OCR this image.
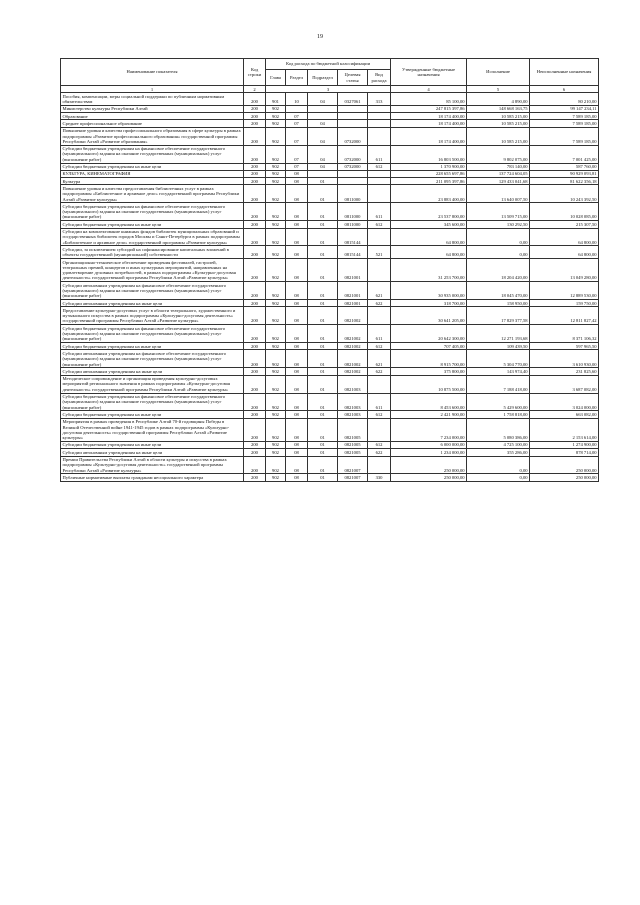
19
Наименование показателя	Код строки	Код расхода по бюджетной классификации					Утвержденные бюджетные назначения	Исполнение	Неисполненные назначения
		Глава	Раздел	Подраздел	Целевая статья	Вид расхода			
1	2	3					4	5	6
Пособия, компенсации, меры социальной поддержки по публичным нормативным обязательствам	200	901	10	04	0327061	313	85 100,00	4 890,00	80 210,00
Министерство культуры Республики Алтай	200	902					247 815 397,86	148 668 163,75	99 147 234,11
Образование	200	902	07				18 174 400,00	10 585 215,00	7 589 185,00
Среднее профессиональное образование	200	902	07	04			18 174 400,00	10 585 215,00	7 589 185,00
Повышение уровня и качества профессионального образования в сфере культуры в рамках подпрограммы «Развитие профессионального образования» государственной программы Республики Алтай «Развитие образования»	200	902	07	04	0732000		18 174 400,00	10 585 215,00	7 589 185,00
Субсидии бюджетным учреждениям на финансовое обеспечение государственного (муниципального) задания на оказание государственных (муниципальных) услуг (выполнение работ)	200	902	07	04	0732000	611	16 803 500,00	9 802 075,00	7 001 425,00
Субсидии бюджетным учреждениям на иные цели	200	902	07	04	0732000	612	1 370 900,00	783 140,00	587 760,00
КУЛЬТУРА, КИНЕМАТОГРАФИЯ	200	902	08				228 655 697,86	137 724 604,05	90 929 093,81
Культура	200	902	08	01			211 095 397,86	129 433 041,68	81 622 356,18
Повышение уровня и качества предоставления библиотечных услуг в рамках подпрограммы «Библиотечное и архивное дело» государственной программы Республики Алтай «Развитие культуры»	200	902	08	01	0811000		23 883 400,00	13 640 007,50	10 243 392,50
Субсидии бюджетным учреждениям на финансовое обеспечение государственного (муниципального) задания на оказание государственных (муниципальных) услуг (выполнение работ)	200	902	08	01	0811000	611	23 537 800,00	13 509 715,00	10 028 085,00
Субсидии бюджетным учреждениям на иные цели	200	902	08	01	0811000	612	345 600,00	130 292,50	215 307,50
Субсидии на комплектование книжных фондов библиотек муниципальных образований и государственных библиотек городов Москвы и Санкт-Петербурга в рамках подпрограммы «Библиотечное и архивное дело» государственной программы «Развитие культуры»	200	902	08	01	0815144		64 800,00	0,00	64 800,00
Субсидии, за исключением субсидий на софинансирование капитальных вложений в объекты государственной (муниципальной) собственности	200	902	08	01	0815144	521	64 800,00	0,00	64 800,00
Организационно-техническое обеспечение проведения фестивалей, гастролей, театральных премий, концертов и иных культурных мероприятий, направленных на удовлетворение духовных потребностей, в рамках подпрограммы «Культурно-досуговая деятельность» государственной программы Республики Алтай «Развитие культуры»	200	902	08	01	0821001		31 253 700,00	18 204 420,00	13 049 280,00
Субсидии автономным учреждениям на финансовое обеспечение государственного (муниципального) задания на оказание государственных (муниципальных) услуг (выполнение работ)	200	902	08	01	0821001	621	30 935 000,00	18 045 470,00	12 889 530,00
Субсидии автономным учреждениям на иные цели	200	902	08	01	0821001	622	318 700,00	158 950,00	159 750,00
Предоставление культурно-досуговых услуг в области театрального, художественного и музыкального искусства в рамках подпрограммы «Культурно-досуговая деятельность» государственной программы Республики Алтай «Развитие культуры»	200	902	08	01	0821002		30 641 205,00	17 829 377,58	12 811 827,42
Субсидии бюджетным учреждениям на финансовое обеспечение государственного (муниципального) задания на оказание государственных (муниципальных) услуг (выполнение работ)	200	902	08	01	0821002	611	20 642 300,00	12 271 193,68	8 371 106,32
Субсидии бюджетным учреждениям на иные цели	200	902	08	01	0821002	612	707 405,00	109 439,50	597 965,50
Субсидии автономным учреждениям на финансовое обеспечение государственного (муниципального) задания на оказание государственных (муниципальных) услуг (выполнение работ)	200	902	08	01	0821002	621	8 915 700,00	5 304 770,00	3 610 930,00
Субсидии автономным учреждениям на иные цели	200	902	08	01	0821002	622	375 800,00	143 974,40	231 825,60
Методическое сопровождение и организация проведения культурно-досуговых мероприятий регионального значения в рамках подпрограммы «Культурно-досуговая деятельность» государственной программы Республики Алтай «Развитие культуры»	200	902	08	01	0821003		10 875 500,00	7 188 418,00	3 687 082,00
Субсидии бюджетным учреждениям на финансовое обеспечение государственного (муниципального) задания на оказание государственных (муниципальных) услуг (выполнение работ)	200	902	08	01	0821003	611	8 453 600,00	5 429 600,00	3 024 000,00
Субсидии бюджетным учреждениям на иные цели	200	902	08	01	0821003	612	2 421 900,00	1 758 818,00	663 082,00
Мероприятия в рамках проведения в Республике Алтай 70-й годовщины Победы в Великой Отечественной войне 1941-1945 годов в рамках подпрограммы «Культурно-досуговая деятельность» государственной программы Республики Алтай «Развитие культуры»	200	902	08	01	0821005		7 234 000,00	5 080 386,00	2 153 614,00
Субсидии бюджетным учреждениям на иные цели	200	902	08	01	0821005	612	6 000 000,00	4 725 100,00	1 274 900,00
Субсидии автономным учреждениям на иные цели	200	902	08	01	0821005	622	1 234 000,00	355 286,00	878 714,00
Премии Правительства Республики Алтай в области культуры и искусства в рамках подпрограммы «Культурно-досуговая деятельность» государственной программы Республики Алтай «Развитие культуры»	200	902	08	01	0821007		250 000,00	0,00	250 000,00
Публичные нормативные выплаты гражданам несоциального характера	200	902	08	01	0821007	330	250 000,00	0,00	250 000,00
